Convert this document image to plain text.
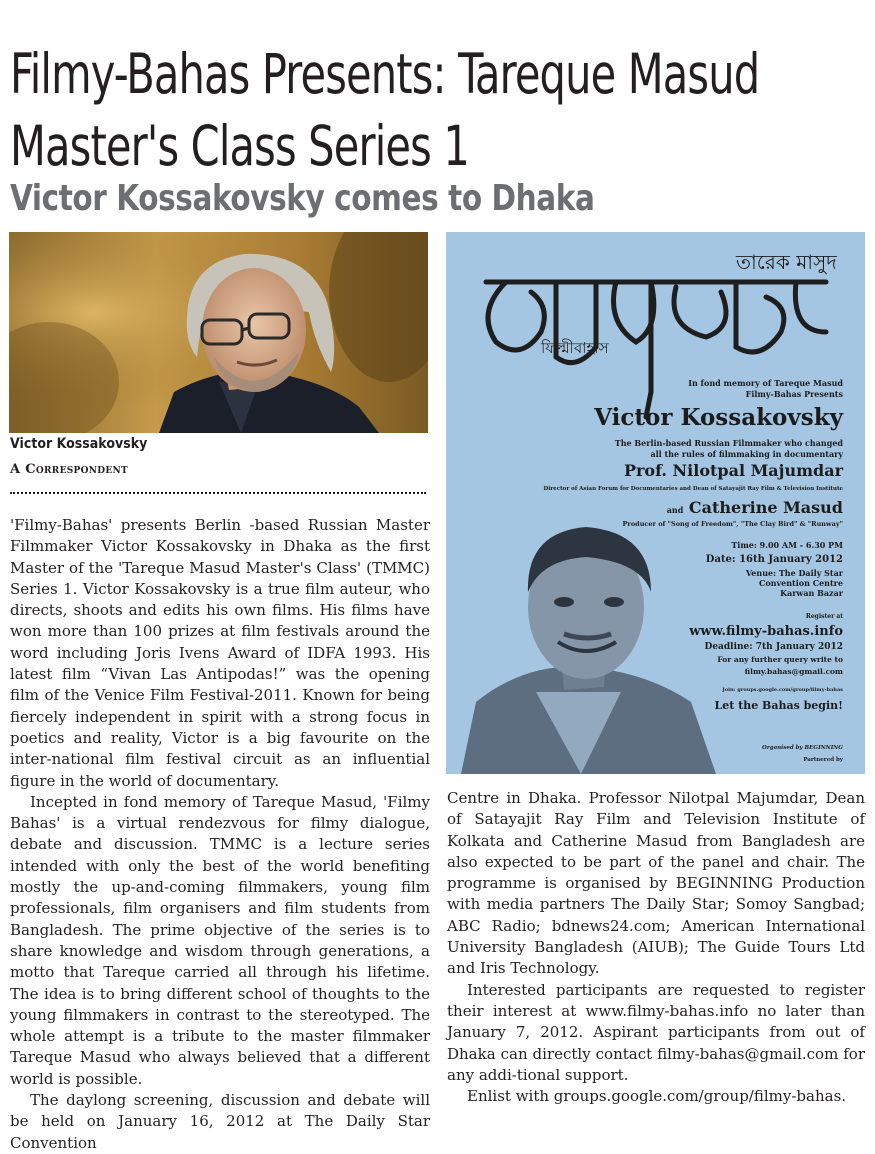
Filmy-Bahas Presents: Tareque Masud
Master's Class Series 1
Victor Kossakovsky comes to Dhaka
Victor Kossakovsky
A Correspondent

'Filmy-Bahas' presents Berlin -based Russian Master Filmmaker Victor Kossakovsky in Dhaka as the first Master of the 'Tareque Masud Master's Class' (TMMC) Series 1. Victor Kossakovsky is a true film auteur, who directs, shoots and edits his own films. His films have won more than 100 prizes at film festivals around the word including Joris Ivens Award of IDFA 1993. His latest film “Vivan Las Antipodas!” was the opening film of the Venice Film Festival-2011. Known for being fiercely independent in spirit with a strong focus in poetics and reality, Victor is a big favourite on the inter-national film festival circuit as an influential figure in the world of documentary.

Incepted in fond memory of Tareque Masud, 'Filmy Bahas' is a virtual rendezvous for filmy dialogue, debate and discussion. TMMC is a lecture series intended with only the best of the world benefiting mostly the up-and-coming filmmakers, young film professionals, film organisers and film students from Bangladesh. The prime objective of the series is to share knowledge and wisdom through generations, a motto that Tareque carried all through his lifetime. The idea is to bring different school of thoughts to the young filmmakers in contrast to the stereotyped. The whole attempt is a tribute to the master filmmaker Tareque Masud who always believed that a different world is possible.

The daylong screening, discussion and debate will be held on January 16, 2012 at The Daily Star Convention

তারেক মাসুদ
ফিল্মীবাহাস
In fond memory of Tareque Masud
Filmy-Bahas Presents
Victor Kossakovsky
The Berlin-based Russian Filmmaker who changed
all the rules of filmmaking in documentary
Prof. Nilotpal Majumdar
Director of Asian Forum for Documentaries and Dean of Satayajit Ray Film & Television Institute
and Catherine Masud
Producer of "Song of Freedom", "The Clay Bird" & "Runway"
Time: 9.00 AM - 6.30 PM
Date: 16th January 2012
Venue: The Daily Star
Convention Centre
Karwan Bazar
Register at
www.filmy-bahas.info
Deadline: 7th January 2012
For any further query write to
filmy.bahas@gmail.com
Join: groups.google.com/group/filmy-bahas
Let the Bahas begin!
Organised by BEGINNING
Partnered by

Centre in Dhaka. Professor Nilotpal Majumdar, Dean of Satayajit Ray Film and Television Institute of Kolkata and Catherine Masud from Bangladesh are also expected to be part of the panel and chair. The programme is organised by BEGINNING Production with media partners The Daily Star; Somoy Sangbad; ABC Radio; bdnews24.com; American International University Bangladesh (AIUB); The Guide Tours Ltd and Iris Technology.

Interested participants are requested to register their interest at www.filmy-bahas.info no later than January 7, 2012. Aspirant participants from out of Dhaka can directly contact filmy-bahas@gmail.com for any addi-tional support.

Enlist with groups.google.com/group/filmy-bahas.
